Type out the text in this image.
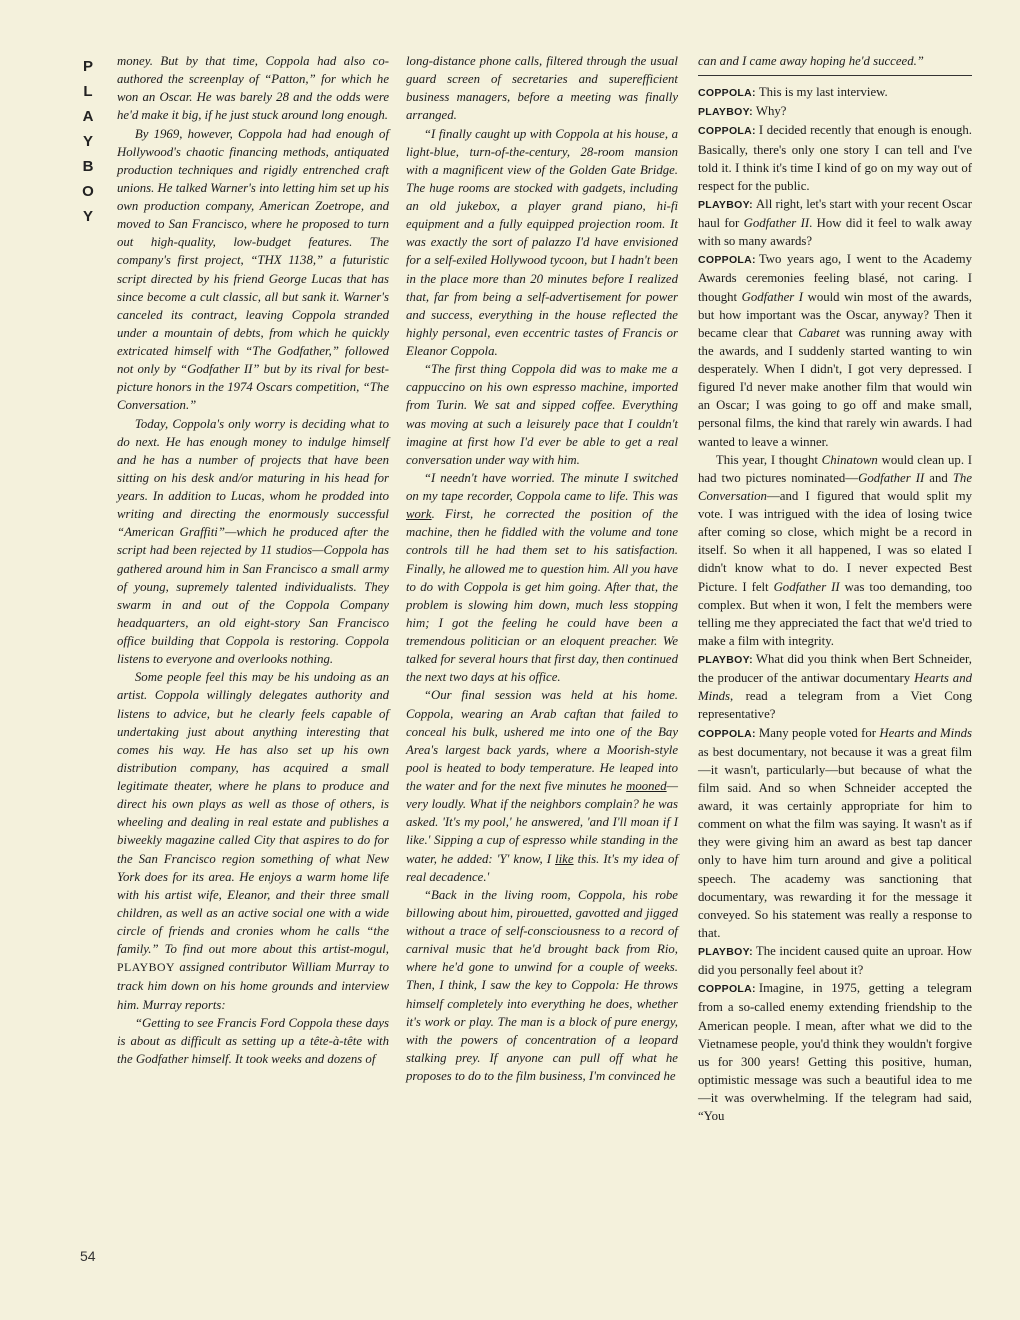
P
L
A
Y
B
O
Y
54

money. But by that time, Coppola had also co-authored the screenplay of “Patton,” for which he won an Oscar. He was barely 28 and the odds were he'd make it big, if he just stuck around long enough.

By 1969, however, Coppola had had enough of Hollywood's chaotic financing methods, antiquated production techniques and rigidly entrenched craft unions. He talked Warner's into letting him set up his own production company, American Zoetrope, and moved to San Francisco, where he proposed to turn out high-quality, low-budget features. The company's first project, “THX 1138,” a futuristic script directed by his friend George Lucas that has since become a cult classic, all but sank it. Warner's canceled its contract, leaving Coppola stranded under a mountain of debts, from which he quickly extricated himself with “The Godfather,” followed not only by “Godfather II” but by its rival for best-picture honors in the 1974 Oscars competition, “The Conversation.”

Today, Coppola's only worry is deciding what to do next. He has enough money to indulge himself and he has a number of projects that have been sitting on his desk and/or maturing in his head for years. In addition to Lucas, whom he prodded into writing and directing the enormously successful “American Graffiti”—which he produced after the script had been rejected by 11 studios—Coppola has gathered around him in San Francisco a small army of young, supremely talented individualists. They swarm in and out of the Coppola Company headquarters, an old eight-story San Francisco office building that Coppola is restoring. Coppola listens to everyone and overlooks nothing.

Some people feel this may be his undoing as an artist. Coppola willingly delegates authority and listens to advice, but he clearly feels capable of undertaking just about anything interesting that comes his way. He has also set up his own distribution company, has acquired a small legitimate theater, where he plans to produce and direct his own plays as well as those of others, is wheeling and dealing in real estate and publishes a biweekly magazine called City that aspires to do for the San Francisco region something of what New York does for its area. He enjoys a warm home life with his artist wife, Eleanor, and their three small children, as well as an active social one with a wide circle of friends and cronies whom he calls “the family.” To find out more about this artist-mogul, PLAYBOY assigned contributor William Murray to track him down on his home grounds and interview him. Murray reports:

“Getting to see Francis Ford Coppola these days is about as difficult as setting up a tête-à-tête with the Godfather himself. It took weeks and dozens of

long-distance phone calls, filtered through the usual guard screen of secretaries and superefficient business managers, before a meeting was finally arranged.

“I finally caught up with Coppola at his house, a light-blue, turn-of-the-century, 28-room mansion with a magnificent view of the Golden Gate Bridge. The huge rooms are stocked with gadgets, including an old jukebox, a player grand piano, hi-fi equipment and a fully equipped projection room. It was exactly the sort of palazzo I'd have envisioned for a self-exiled Hollywood tycoon, but I hadn't been in the place more than 20 minutes before I realized that, far from being a self-advertisement for power and success, everything in the house reflected the highly personal, even eccentric tastes of Francis or Eleanor Coppola.

“The first thing Coppola did was to make me a cappuccino on his own espresso machine, imported from Turin. We sat and sipped coffee. Everything was moving at such a leisurely pace that I couldn't imagine at first how I'd ever be able to get a real conversation under way with him.

“I needn't have worried. The minute I switched on my tape recorder, Coppola came to life. This was work. First, he corrected the position of the machine, then he fiddled with the volume and tone controls till he had them set to his satisfaction. Finally, he allowed me to question him. All you have to do with Coppola is get him going. After that, the problem is slowing him down, much less stopping him; I got the feeling he could have been a tremendous politician or an eloquent preacher. We talked for several hours that first day, then continued the next two days at his office.

“Our final session was held at his home. Coppola, wearing an Arab caftan that failed to conceal his bulk, ushered me into one of the Bay Area's largest back yards, where a Moorish-style pool is heated to body temperature. He leaped into the water and for the next five minutes he mooned—very loudly. What if the neighbors complain? he was asked. 'It's my pool,' he answered, 'and I'll moan if I like.' Sipping a cup of espresso while standing in the water, he added: 'Y' know, I like this. It's my idea of real decadence.'

“Back in the living room, Coppola, his robe billowing about him, pirouetted, gavotted and jigged without a trace of self-consciousness to a record of carnival music that he'd brought back from Rio, where he'd gone to unwind for a couple of weeks. Then, I think, I saw the key to Coppola: He throws himself completely into everything he does, whether it's work or play. The man is a block of pure energy, with the powers of concentration of a leopard stalking prey. If anyone can pull off what he proposes to do to the film business, I'm convinced he

can and I came away hoping he'd succeed.”

COPPOLA: This is my last interview.

PLAYBOY: Why?

COPPOLA: I decided recently that enough is enough. Basically, there's only one story I can tell and I've told it. I think it's time I kind of go on my way out of respect for the public.

PLAYBOY: All right, let's start with your recent Oscar haul for Godfather II. How did it feel to walk away with so many awards?

COPPOLA: Two years ago, I went to the Academy Awards ceremonies feeling blasé, not caring. I thought Godfather I would win most of the awards, but how important was the Oscar, anyway? Then it became clear that Cabaret was running away with the awards, and I suddenly started wanting to win desperately. When I didn't, I got very depressed. I figured I'd never make another film that would win an Oscar; I was going to go off and make small, personal films, the kind that rarely win awards. I had wanted to leave a winner.

This year, I thought Chinatown would clean up. I had two pictures nominated—Godfather II and The Conversation—and I figured that would split my vote. I was intrigued with the idea of losing twice after coming so close, which might be a record in itself. So when it all happened, I was so elated I didn't know what to do. I never expected Best Picture. I felt Godfather II was too demanding, too complex. But when it won, I felt the members were telling me they appreciated the fact that we'd tried to make a film with integrity.

PLAYBOY: What did you think when Bert Schneider, the producer of the antiwar documentary Hearts and Minds, read a telegram from a Viet Cong representative?

COPPOLA: Many people voted for Hearts and Minds as best documentary, not because it was a great film—it wasn't, particularly—but because of what the film said. And so when Schneider accepted the award, it was certainly appropriate for him to comment on what the film was saying. It wasn't as if they were giving him an award as best tap dancer only to have him turn around and give a political speech. The academy was sanctioning that documentary, was rewarding it for the message it conveyed. So his statement was really a response to that.

PLAYBOY: The incident caused quite an uproar. How did you personally feel about it?

COPPOLA: Imagine, in 1975, getting a telegram from a so-called enemy extending friendship to the American people. I mean, after what we did to the Vietnamese people, you'd think they wouldn't forgive us for 300 years! Getting this positive, human, optimistic message was such a beautiful idea to me—it was overwhelming. If the telegram had said, “You
